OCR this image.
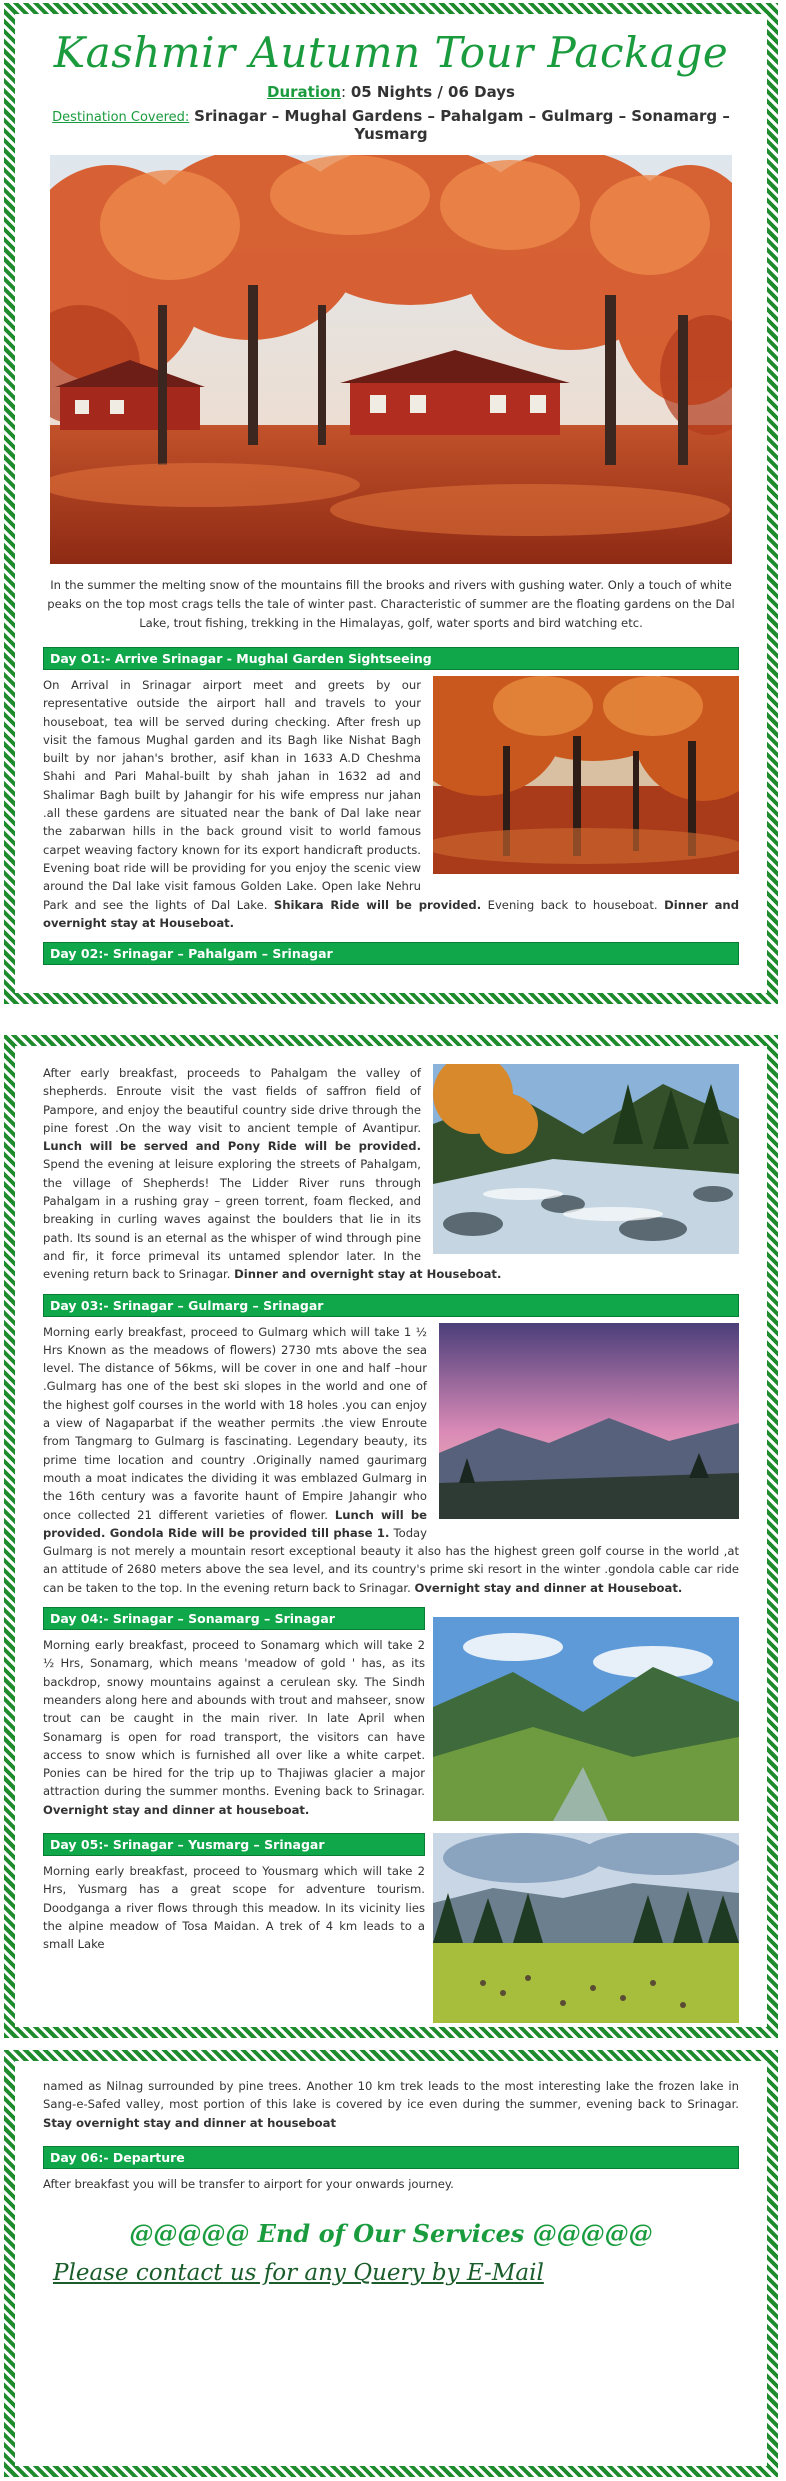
Kashmir Autumn Tour Package
Duration: 05 Nights / 06 Days
Destination Covered: Srinagar – Mughal Gardens – Pahalgam – Gulmarg – Sonamarg – Yusmarg

In the summer the melting snow of the mountains fill the brooks and rivers with gushing water. Only a touch of white peaks on the top most crags tells the tale of winter past. Characteristic of summer are the floating gardens on the Dal Lake, trout fishing, trekking in the Himalayas, golf, water sports and bird watching etc.

Day O1:- Arrive Srinagar - Mughal Garden Sightseeing

On Arrival in Srinagar airport meet and greets by our representative outside the airport hall and travels to your houseboat, tea will be served during checking. After fresh up visit the famous Mughal garden and its Bagh like Nishat Bagh built by nor jahan's brother, asif khan in 1633 A.D Cheshma Shahi and Pari Mahal-built by shah jahan in 1632 ad and Shalimar Bagh built by Jahangir for his wife empress nur jahan .all these gardens are situated near the bank of Dal lake near the zabarwan hills in the back ground visit to world famous carpet weaving factory known for its export handicraft products. Evening boat ride will be providing for you enjoy the scenic view around the Dal lake visit famous Golden Lake. Open lake Nehru Park and see the lights of Dal Lake. Shikara Ride will be provided. Evening back to houseboat. Dinner and overnight stay at Houseboat.

Day 02:- Srinagar – Pahalgam – Srinagar

After early breakfast, proceeds to Pahalgam the valley of shepherds. Enroute visit the vast fields of saffron field of Pampore, and enjoy the beautiful country side drive through the pine forest .On the way visit to ancient temple of Avantipur. Lunch will be served and Pony Ride will be provided. Spend the evening at leisure exploring the streets of Pahalgam, the village of Shepherds! The Lidder River runs through Pahalgam in a rushing gray – green torrent, foam flecked, and breaking in curling waves against the boulders that lie in its path. Its sound is an eternal as the whisper of wind through pine and fir, it force primeval its untamed splendor later. In the evening return back to Srinagar. Dinner and overnight stay at Houseboat.

Day 03:- Srinagar – Gulmarg – Srinagar

Morning early breakfast, proceed to Gulmarg which will take 1 ½ Hrs Known as the meadows of flowers) 2730 mts above the sea level. The distance of 56kms, will be cover in one and half –hour .Gulmarg has one of the best ski slopes in the world and one of the highest golf courses in the world with 18 holes .you can enjoy a view of Nagaparbat if the weather permits .the view Enroute from Tangmarg to Gulmarg is fascinating. Legendary beauty, its prime time location and country .Originally named gaurimarg mouth a moat indicates the dividing it was emblazed Gulmarg in the 16th century was a favorite haunt of Empire Jahangir who once collected 21 different varieties of flower. Lunch will be provided. Gondola Ride will be provided till phase 1. Today Gulmarg is not merely a mountain resort exceptional beauty it also has the highest green golf course in the world ,at an attitude of 2680 meters above the sea level, and its country's prime ski resort in the winter .gondola cable car ride can be taken to the top. In the evening return back to Srinagar. Overnight stay and dinner at Houseboat.

Day 04:- Srinagar – Sonamarg – Srinagar

Morning early breakfast, proceed to Sonamarg which will take 2 ½ Hrs, Sonamarg, which means 'meadow of gold ' has, as its backdrop, snowy mountains against a cerulean sky. The Sindh meanders along here and abounds with trout and mahseer, snow trout can be caught in the main river. In late April when Sonamarg is open for road transport, the visitors can have access to snow which is furnished all over like a white carpet. Ponies can be hired for the trip up to Thajiwas glacier a major attraction during the summer months. Evening back to Srinagar. Overnight stay and dinner at houseboat.

Day 05:- Srinagar – Yusmarg – Srinagar

Morning early breakfast, proceed to Yousmarg which will take 2 Hrs, Yusmarg has a great scope for adventure tourism. Doodganga a river flows through this meadow. In its vicinity lies the alpine meadow of Tosa Maidan. A trek of 4 km leads to a small Lake

named as Nilnag surrounded by pine trees. Another 10 km trek leads to the most interesting lake the frozen lake in Sang-e-Safed valley, most portion of this lake is covered by ice even during the summer, evening back to Srinagar. Stay overnight stay and dinner at houseboat

Day 06:- Departure

After breakfast you will be transfer to airport for your onwards journey.

@@@@@ End of Our Services @@@@@
Please contact us for any Query by E-Mail
